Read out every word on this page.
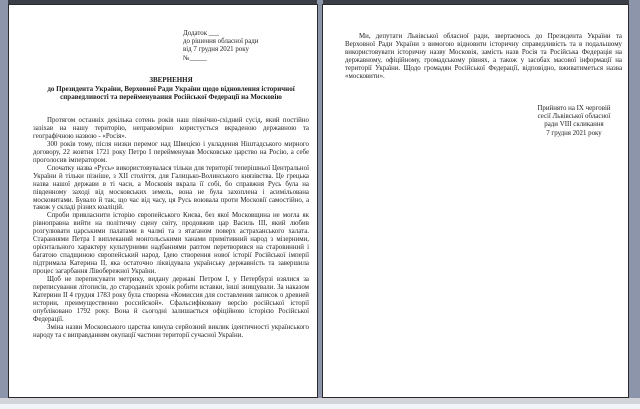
Додаток ___
до рішення обласної ради
від 7 грудня 2021 року
№_____
ЗВЕРНЕННЯ
до Президента України, Верховної Ради України щодо відновлення історичної справедливості та перейменування Російської Федерації на Московію

Протягом останніх декілька сотень років наш північно-східний сусід, який постійно зазіхав на нашу територію, неправомірно користується вкраденою державною та географічною назвою - «Росія».

300 років тому, після низки перемог над Швецією і укладення Ніштадського мирного договору, 22 жовтня 1721 року Петро I перейменував Московське царство на Росію, а себе проголосив імператором.

Спочатку назва «Русь» використовувалася тільки для території теперішньої Центральної України й тільки пізніше, з XII століття, для Галицько-Волинського князівства. Це грецька назва нашої держави в ті часи, а Московія вкрала її собі, бо справжня Русь була на південному заході від московських земель, вона не була захоплена і асимільована московитами. Бувало й так, що час від часу, ця Русь воювала проти Московії самостійно, а також у складі різних коаліцій.

Спроби привласнити історію європейського Києва, без якої Московщина не могла як рівноправна вийти на політичну сцену світу, продовжив цар Василь III, який любив розгулювати царськими палатами в чалмі та з ятаганом поверх астраханського халата. Стараннями Петра I виплеканий монгольськими ханами примітивний народ з мізерними, орієнтального характеру культурними надбаннями раптом перетворився на старовинний і багатою спадщиною європейський народ. Ідею створення нової історії Російської імперії підтримала Катерина II, яка остаточно ліквідувала українську державність та завершила процес загарбання Лівобережної України.

Щоб не переписувати метрику, видану державі Петром I, у Петербурзі взялися за переписування літописів, до стародавніх хронік робити вставки, інші знищували. За наказом Катерини II 4 грудня 1783 року була створена «Комиссия для составления записок о древней истории, преимущественно российской». Сфальсифіковану версію російської історії опубліковано 1792 року. Вона й сьогодні залишається офіційною історією Російської Федерації.

Зміна назви Московського царства кинула серйозний виклик ідентичності українського народу та є виправданням окупації частини території сучасної України.

Ми, депутати Львівської обласної ради, звертаємось до Президента України та Верховної Ради України з вимогою відновити історичну справедливість та в подальшому використовувати історичну назву Московія, замість назв Росія та Російська Федерація на державному, офіційному, громадському рівнях, а також у засобах масової інформації на території України. Щодо громадян Російської Федерації, відповідно, вживатиметься назва «московити».

Прийнято на IX черговій
сесії Львівської обласної
ради VIII скликання
7 грудня 2021 року
